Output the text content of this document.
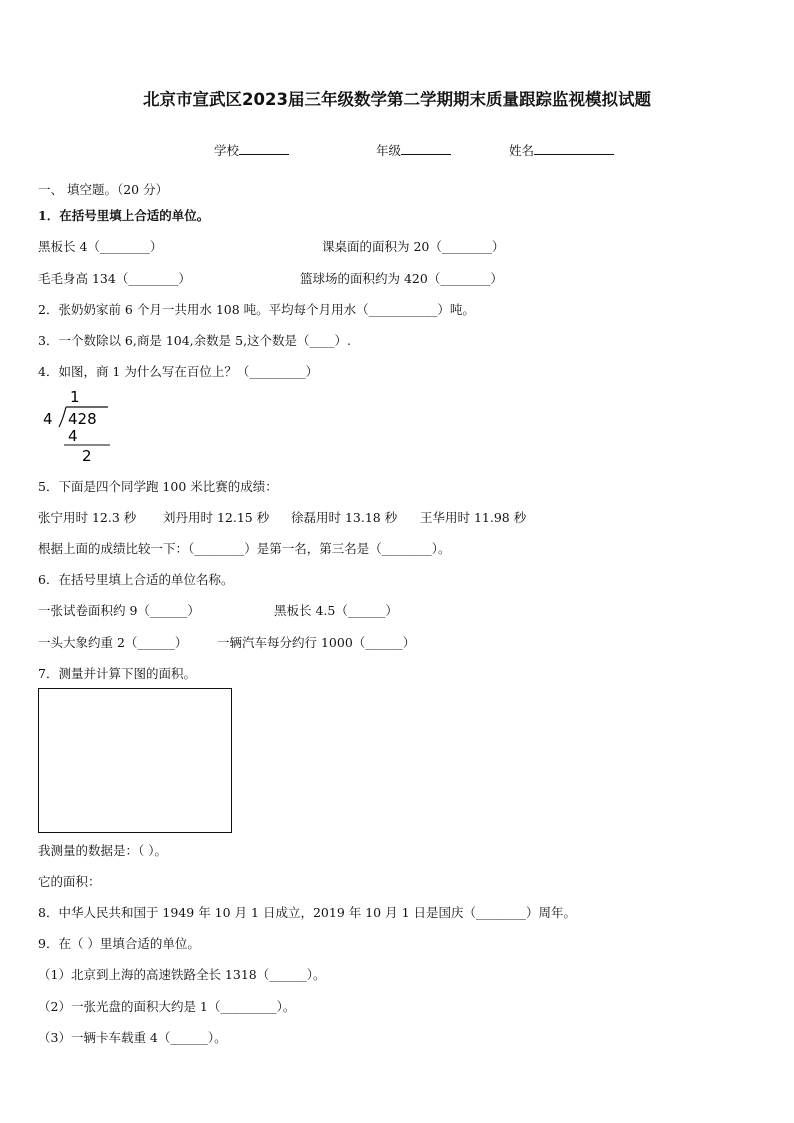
北京市宣武区2023届三年级数学第二学期期末质量跟踪监视模拟试题
学校	年级	姓名
一、 填空题。（20 分）
1．在括号里填上合适的单位。
黑板长 4（________）	课桌面的面积为 20（________）
毛毛身高 134（________）	篮球场的面积约为 420（________）
2．张奶奶家前 6 个月一共用水 108 吨。平均每个月用水（___________）吨。
3．一个数除以 6,商是 104,余数是 5,这个数是（____）.
4．如图，商 1 为什么写在百位上？（_________）
1
4 428
4
2
5．下面是四个同学跑 100 米比赛的成绩：
张宁用时 12.3 秒 刘丹用时 12.15 秒 徐磊用时 13.18 秒 王华用时 11.98 秒
根据上面的成绩比较一下：（________）是第一名，第三名是（________）。
6．在括号里填上合适的单位名称。
一张试卷面积约 9（______）	黑板长 4.5（______）
一头大象约重 2（______） 一辆汽车每分约行 1000（______）
7．测量并计算下图的面积。
我测量的数据是：（ ）。
它的面积：
8．中华人民共和国于 1949 年 10 月 1 日成立，2019 年 10 月 1 日是国庆（________）周年。
9．在（ ）里填合适的单位。
（1）北京到上海的高速铁路全长 1318（______）。
（2）一张光盘的面积大约是 1（_________）。
（3）一辆卡车载重 4（______）。
